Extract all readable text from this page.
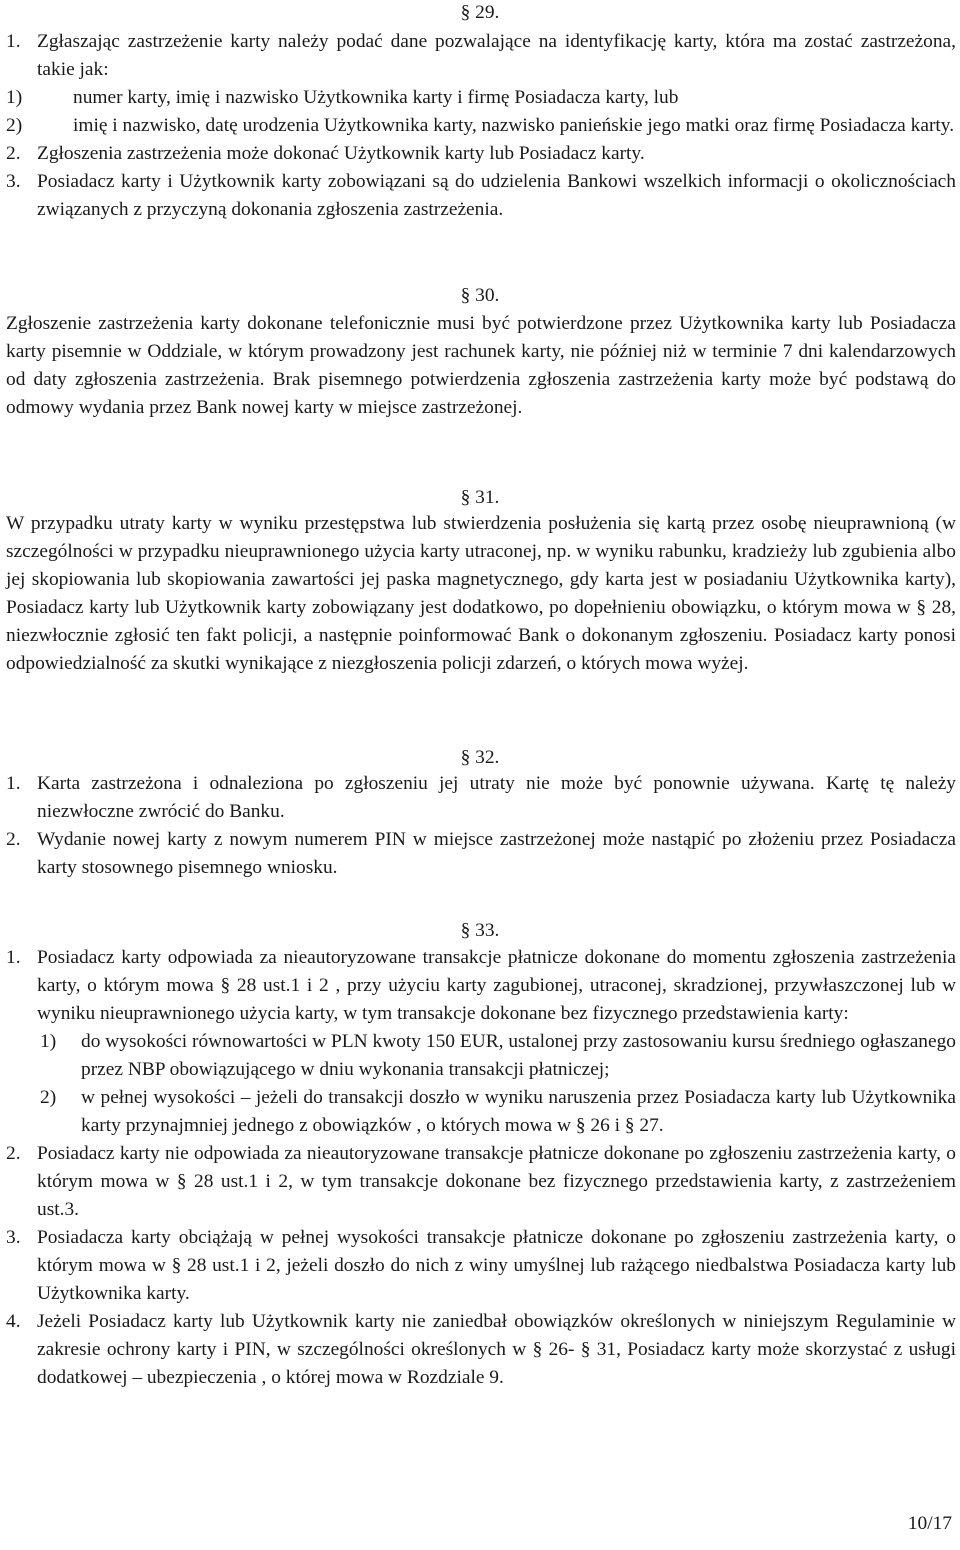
§ 29.
1. Zgłaszając zastrzeżenie karty należy podać dane pozwalające na identyfikację karty, która ma zostać zastrzeżona, takie jak:
1)	numer karty, imię i nazwisko Użytkownika karty i firmę Posiadacza karty, lub
2)	imię i nazwisko, datę urodzenia Użytkownika karty, nazwisko panieńskie jego matki oraz firmę Posiadacza karty.
2. Zgłoszenia zastrzeżenia może dokonać Użytkownik karty lub Posiadacz karty.
3. Posiadacz karty i Użytkownik karty zobowiązani są do udzielenia Bankowi wszelkich informacji o okolicznościach związanych z przyczyną dokonania zgłoszenia zastrzeżenia.
§ 30.

Zgłoszenie zastrzeżenia karty dokonane telefonicznie musi być potwierdzone przez Użytkownika karty lub Posiadacza karty pisemnie w Oddziale, w którym prowadzony jest rachunek karty, nie później niż w terminie 7 dni kalendarzowych od daty zgłoszenia zastrzeżenia. Brak pisemnego potwierdzenia zgłoszenia zastrzeżenia karty może być podstawą do odmowy wydania przez Bank nowej karty w miejsce zastrzeżonej.

§ 31.

W przypadku utraty karty w wyniku przestępstwa lub stwierdzenia posłużenia się kartą przez osobę nieuprawnioną (w szczególności w przypadku nieuprawnionego użycia karty utraconej, np. w wyniku rabunku, kradzieży lub zgubienia albo jej skopiowania lub skopiowania zawartości jej paska magnetycznego, gdy karta jest w posiadaniu Użytkownika karty), Posiadacz karty lub Użytkownik karty zobowiązany jest dodatkowo, po dopełnieniu obowiązku, o którym mowa w § 28, niezwłocznie zgłosić ten fakt policji, a następnie poinformować Bank o dokonanym zgłoszeniu. Posiadacz karty ponosi odpowiedzialność za skutki wynikające z niezgłoszenia policji zdarzeń, o których mowa wyżej.

§ 32.
1. Karta zastrzeżona i odnaleziona po zgłoszeniu jej utraty nie może być ponownie używana. Kartę tę należy niezwłoczne zwrócić do Banku.
2. Wydanie nowej karty z nowym numerem PIN w miejsce zastrzeżonej może nastąpić po złożeniu przez Posiadacza karty stosownego pisemnego wniosku.
§ 33.
1. Posiadacz karty odpowiada za nieautoryzowane transakcje płatnicze dokonane do momentu zgłoszenia zastrzeżenia karty, o którym mowa § 28 ust.1 i 2 , przy użyciu karty zagubionej, utraconej, skradzionej, przywłaszczonej lub w wyniku nieuprawnionego użycia karty, w tym transakcje dokonane bez fizycznego przedstawienia karty:
1) do wysokości równowartości w PLN kwoty 150 EUR, ustalonej przy zastosowaniu kursu średniego ogłaszanego przez NBP obowiązującego w dniu wykonania transakcji płatniczej;
2) w pełnej wysokości – jeżeli do transakcji doszło w wyniku naruszenia przez Posiadacza karty lub Użytkownika karty przynajmniej jednego z obowiązków , o których mowa w § 26 i § 27.
2. Posiadacz karty nie odpowiada za nieautoryzowane transakcje płatnicze dokonane po zgłoszeniu zastrzeżenia karty, o którym mowa w § 28 ust.1 i 2, w tym transakcje dokonane bez fizycznego przedstawienia karty, z zastrzeżeniem ust.3.
3. Posiadacza karty obciążają w pełnej wysokości transakcje płatnicze dokonane po zgłoszeniu zastrzeżenia karty, o którym mowa w § 28 ust.1 i 2, jeżeli doszło do nich z winy umyślnej lub rażącego niedbalstwa Posiadacza karty lub Użytkownika karty.
4. Jeżeli Posiadacz karty lub Użytkownik karty nie zaniedbał obowiązków określonych w niniejszym Regulaminie w zakresie ochrony karty i PIN, w szczególności określonych w § 26- § 31, Posiadacz karty może skorzystać z usługi dodatkowej – ubezpieczenia , o której mowa w Rozdziale 9.
10/17
